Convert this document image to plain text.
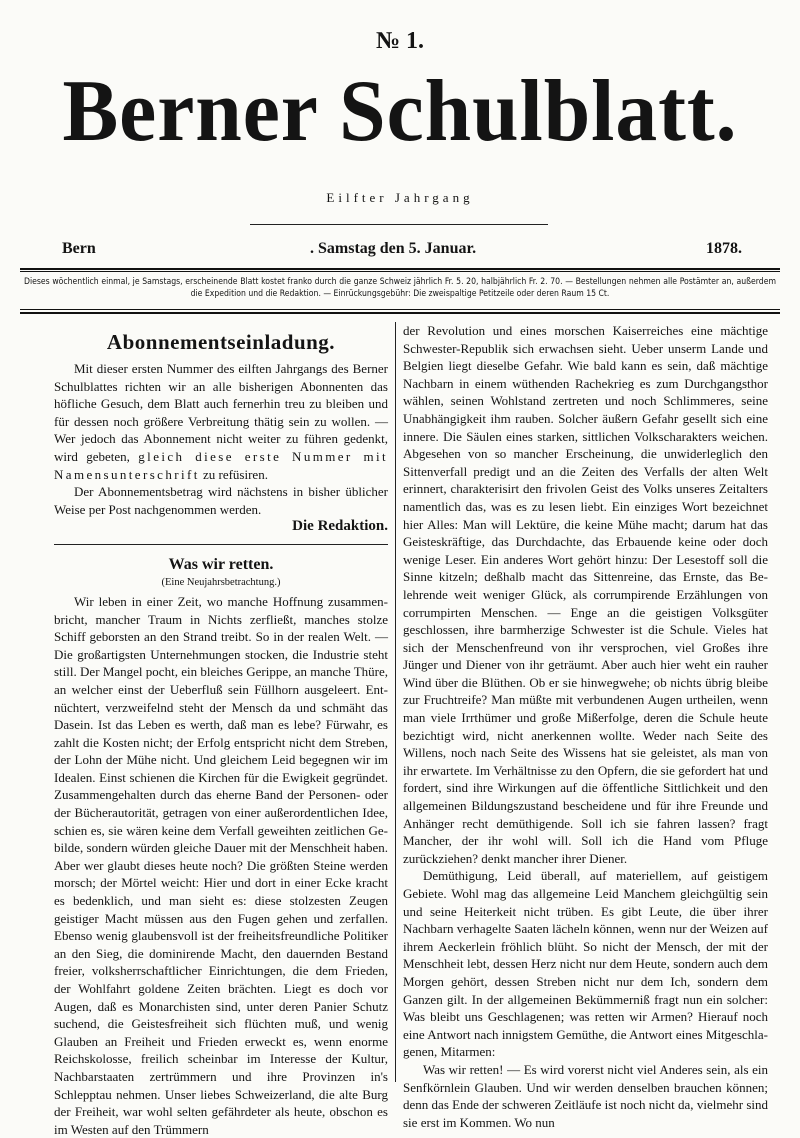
№ 1.
Berner Schulblatt.
Eilfter Jahrgang
Bern	. Samstag den 5. Januar.	1878.
Dieses wöchentlich einmal, je Samstags, erscheinende Blatt kostet franko durch die ganze Schweiz jährlich Fr. 5. 20, halbjährlich Fr. 2. 70. — Bestellungen nehmen alle Postämter an, außerdem die Expedition und die Redaktion. — Einrückungsgebühr: Die zweispaltige Petitzeile oder deren Raum 15 Ct.
Abonnementseinladung.

Mit dieser ersten Nummer des eilften Jahrgangs des Berner Schulblattes richten wir an alle bisherigen Abonnenten das höfliche Gesuch, dem Blatt auch fernerhin treu zu bleiben und für dessen noch größere Verbreitung thätig sein zu wollen. — Wer jedoch das Abonnement nicht weiter zu führen gedenkt, wird gebeten, gleich diese erste Nummer mit Namensunterschrift zu refüsiren.

Der Abonnementsbetrag wird nächstens in bisher üblicher Weise per Post nachgenommen werden.

Die Redaktion.
Was wir retten.
(Eine Neujahrsbetrachtung.)

Wir leben in einer Zeit, wo manche Hoffnung zusammenbricht, mancher Traum in Nichts zerfließt, manches stolze Schiff geborsten an den Strand treibt. So in der realen Welt. — Die großartigsten Unternehmungen stocken, die Industrie steht still. Der Mangel pocht, ein bleiches Gerippe, an manche Thüre, an welcher einst der Ueberfluß sein Füllhorn ausgeleert. Entnüchtert, verzweifelnd steht der Mensch da und schmäht das Dasein. Ist das Leben es werth, daß man es lebe? Fürwahr, es zahlt die Kosten nicht; der Erfolg entspricht nicht dem Streben, der Lohn der Mühe nicht. Und gleichem Leid begegnen wir im Idealen. Einst schienen die Kirchen für die Ewigkeit gegründet. Zusammengehalten durch das eherne Band der Personen- oder der Bücherautorität, getragen von einer außerordentlichen Idee, schien es, sie wären keine dem Verfall geweihten zeitlichen Gebilde, sondern würden gleiche Dauer mit der Menschheit haben. Aber wer glaubt dieses heute noch? Die größten Steine werden morsch; der Mörtel weicht: Hier und dort in einer Ecke kracht es bedenklich, und man sieht es: diese stolzesten Zeugen geistiger Macht müssen aus den Fugen gehen und zerfallen. Ebenso wenig glaubensvoll ist der freiheitsfreundliche Politiker an den Sieg, die dominirende Macht, den dauernden Bestand freier, volksherrschaftlicher Einrichtungen, die dem Frieden, der Wohlfahrt goldene Zeiten brächten. Liegt es doch vor Augen, daß es Monarchisten sind, unter deren Panier Schutz suchend, die Geistesfreiheit sich flüchten muß, und wenig Glauben an Freiheit und Frieden erweckt es, wenn enorme Reichskolosse, freilich scheinbar im Interesse der Kultur, Nachbarstaaten zertrümmern und ihre Provinzen in's Schlepptau nehmen. Unser liebes Schweizerland, die alte Burg der Freiheit, war wohl selten gefährdeter als heute, obschon es im Westen auf den Trümmern

der Revolution und eines morschen Kaiserreiches eine mächtige Schwester-Republik sich erwachsen sieht. Ueber unserm Lande und Belgien liegt dieselbe Gefahr. Wie bald kann es sein, daß mächtige Nachbarn in einem wüthenden Rachekrieg es zum Durchgangsthor wählen, seinen Wohlstand zertreten und noch Schlimmeres, seine Unabhängigkeit ihm rauben. Solcher äußern Gefahr gesellt sich eine innere. Die Säulen eines starken, sittlichen Volkscharakters weichen. Abgesehen von so mancher Erscheinung, die unwiderleglich den Sittenverfall predigt und an die Zeiten des Verfalls der alten Welt erinnert, charakterisirt den frivolen Geist des Volks unseres Zeitalters namentlich das, was es zu lesen liebt. Ein einziges Wort bezeichnet hier Alles: Man will Lektüre, die keine Mühe macht; darum hat das Geisteskräftige, das Durchdachte, das Erbauende keine oder doch wenige Leser. Ein anderes Wort gehört hinzu: Der Lesestoff soll die Sinne kitzeln; deßhalb macht das Sittenreine, das Ernste, das Belehrende weit weniger Glück, als corrumpirende Erzählungen von corrumpirten Menschen. — Enge an die geistigen Volksgüter geschlossen, ihre barmherzige Schwester ist die Schule. Vieles hat sich der Menschenfreund von ihr versprochen, viel Großes ihre Jünger und Diener von ihr geträumt. Aber auch hier weht ein rauher Wind über die Blüthen. Ob er sie hinwegwehe; ob nichts übrig bleibe zur Fruchtreife? Man müßte mit verbundenen Augen urtheilen, wenn man viele Irrthümer und große Mißerfolge, deren die Schule heute bezichtigt wird, nicht anerkennen wollte. Weder nach Seite des Willens, noch nach Seite des Wissens hat sie geleistet, als man von ihr erwartete. Im Verhältnisse zu den Opfern, die sie gefordert hat und fordert, sind ihre Wirkungen auf die öffentliche Sittlichkeit und den allgemeinen Bildungszustand bescheidene und für ihre Freunde und Anhänger recht demüthigende. Soll ich sie fahren lassen? fragt Mancher, der ihr wohl will. Soll ich die Hand vom Pfluge zurückziehen? denkt mancher ihrer Diener.

Demüthigung, Leid überall, auf materiellem, auf geistigem Gebiete. Wohl mag das allgemeine Leid Manchem gleichgültig sein und seine Heiterkeit nicht trüben. Es gibt Leute, die über ihrer Nachbarn verhagelte Saaten lächeln können, wenn nur der Weizen auf ihrem Aeckerlein fröhlich blüht. So nicht der Mensch, der mit der Menschheit lebt, dessen Herz nicht nur dem Heute, sondern auch dem Morgen gehört, dessen Streben nicht nur dem Ich, sondern dem Ganzen gilt. In der allgemeinen Bekümmerniß fragt nun ein solcher: Was bleibt uns Geschlagenen; was retten wir Armen? Hierauf noch eine Antwort nach innigstem Gemüthe, die Antwort eines Mitgeschlagenen, Mitarmen:

Was wir retten! — Es wird vorerst nicht viel Anderes sein, als ein Senfkörnlein Glauben. Und wir werden denselben brauchen können; denn das Ende der schweren Zeitläufe ist noch nicht da, vielmehr sind sie erst im Kommen. Wo nun
